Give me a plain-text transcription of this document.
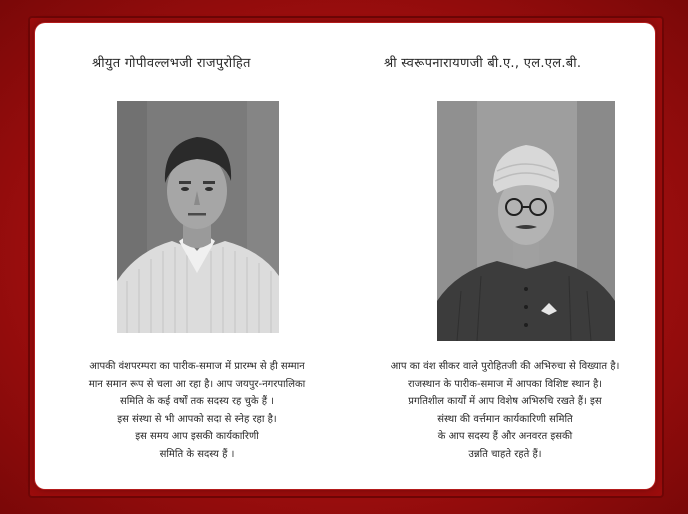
श्रीयुत गोपीवल्लभजी राजपुरोहित
आपकी वंशपरम्परा का पारीक-समाज में प्रारम्भ से ही सम्मान
मान समान रूप से चला आ रहा है। आप जयपुर-नगरपालिका
समिति के कई वर्षों तक सदस्य रह चुके हैं ।
इस संस्था से भी आपको सदा से स्नेह रहा है।
इस समय आप इसकी कार्यकारिणी
समिति के सदस्य हैं ।
श्री स्वरूपनारायणजी बी.ए., एल.एल.बी.
आप का वंश सीकर वाले पुरोहितजी की अभिरुचा से विख्यात है।
राजस्थान के पारीक-समाज में आपका विशिष्ट स्थान है।
प्रगतिशील कार्यों में आप विशेष अभिरुचि रखते हैं। इस
संस्था की वर्त्तमान कार्यकारिणी समिति
के आप सदस्य हैं और अनवरत इसकी
उन्नति चाहते रहते हैं।
